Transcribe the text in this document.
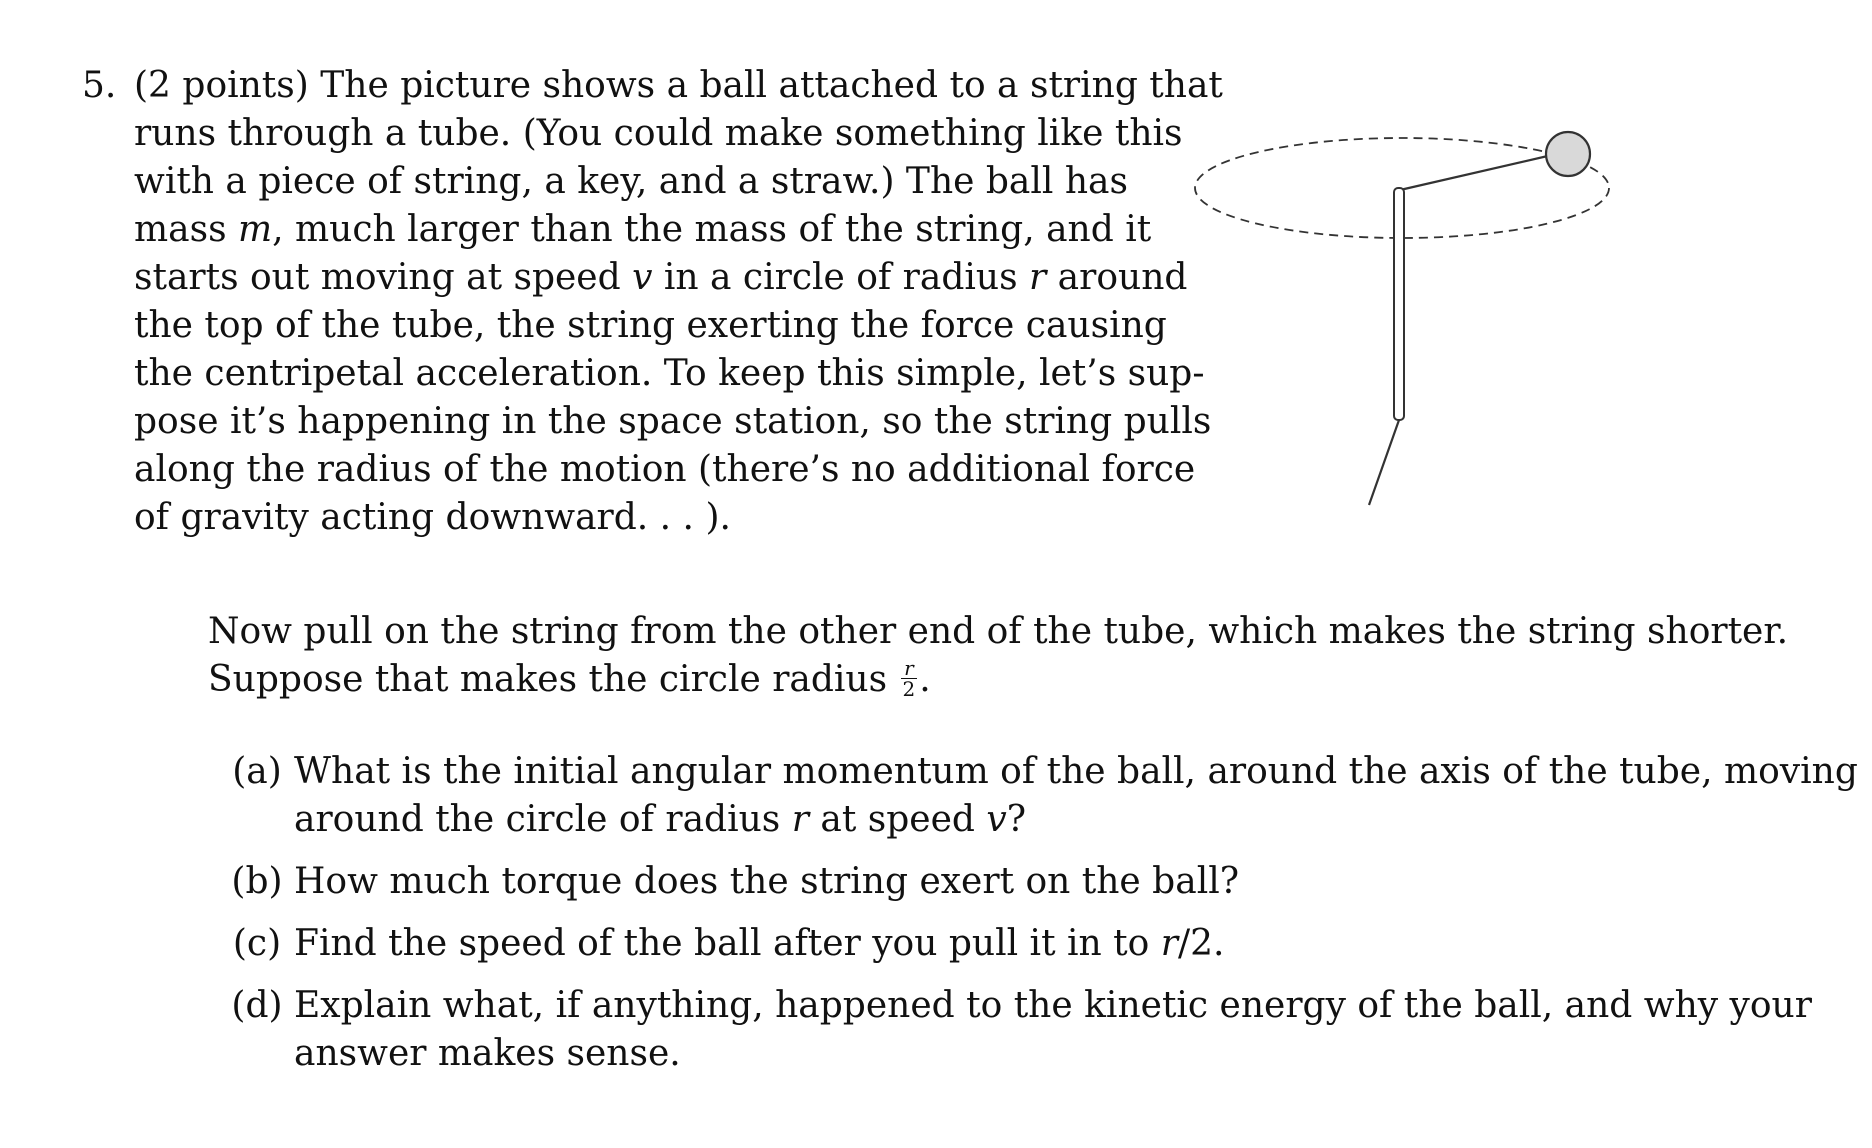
5. (2 points) The picture shows a ball attached to a string that
runs through a tube. (You could make something like this
with a piece of string, a key, and a straw.) The ball has
mass m, much larger than the mass of the string, and it
starts out moving at speed v in a circle of radius r around
the top of the tube, the string exerting the force causing
the centripetal acceleration. To keep this simple, let’s sup-
pose it’s happening in the space station, so the string pulls
along the radius of the motion (there’s no additional force
of gravity acting downward. . . ).
Now pull on the string from the other end of the tube, which makes the string shorter.
Suppose that makes the circle radius $\frac{r}{2}$ .
(a) What is the initial angular momentum of the ball, around the axis of the tube, moving
around the circle of radius r at speed v?
(b) How much torque does the string exert on the ball?
(c) Find the speed of the ball after you pull it in to r/2.
(d) Explain what, if anything, happened to the kinetic energy of the ball, and why your
answer makes sense.
